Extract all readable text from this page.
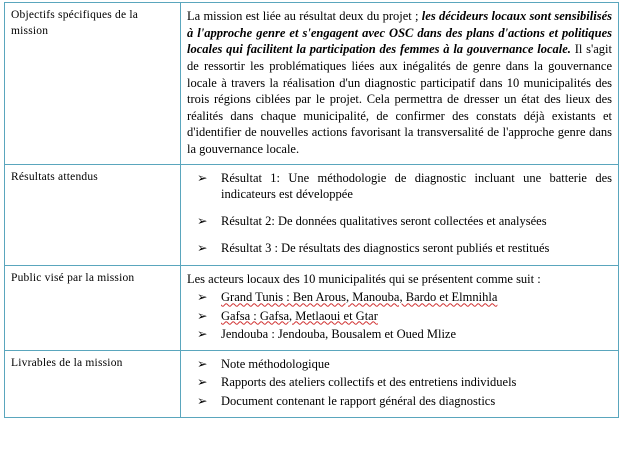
Objectifs spécifiques de la mission	La mission est liée au résultat deux du projet ; les décideurs locaux sont sensibilisés à l'approche genre et s'engagent avec OSC dans des plans d'actions et politiques locales qui facilitent la participation des femmes à la gouvernance locale. Il s'agit de ressortir les problématiques liées aux inégalités de genre dans la gouvernance locale à travers la réalisation d'un diagnostic participatif dans 10 municipalités des trois régions ciblées par le projet. Cela permettra de dresser un état des lieux des réalités dans chaque municipalité, de confirmer des constats déjà existants et d'identifier de nouvelles actions favorisant la transversalité de l'approche genre dans la gouvernance locale.
Résultats attendus	➢ Résultat 1: Une méthodologie de diagnostic incluant une batterie des indicateurs est développée
➢ Résultat 2: De données qualitatives seront collectées et analysées
➢ Résultat 3 : De résultats des diagnostics seront publiés et restitués

Public visé par la mission	Les acteurs locaux des 10 municipalités qui se présentent comme suit :

➢ Grand Tunis : Ben Arous, Manouba, Bardo et Elmnihla
➢ Gafsa : Gafsa, Metlaoui et Gtar
➢ Jendouba : Jendouba, Bousalem et Oued Mlize

Livrables de la mission	➢ Note méthodologique
➢ Rapports des ateliers collectifs et des entretiens individuels
➢ Document contenant le rapport général des diagnostics
